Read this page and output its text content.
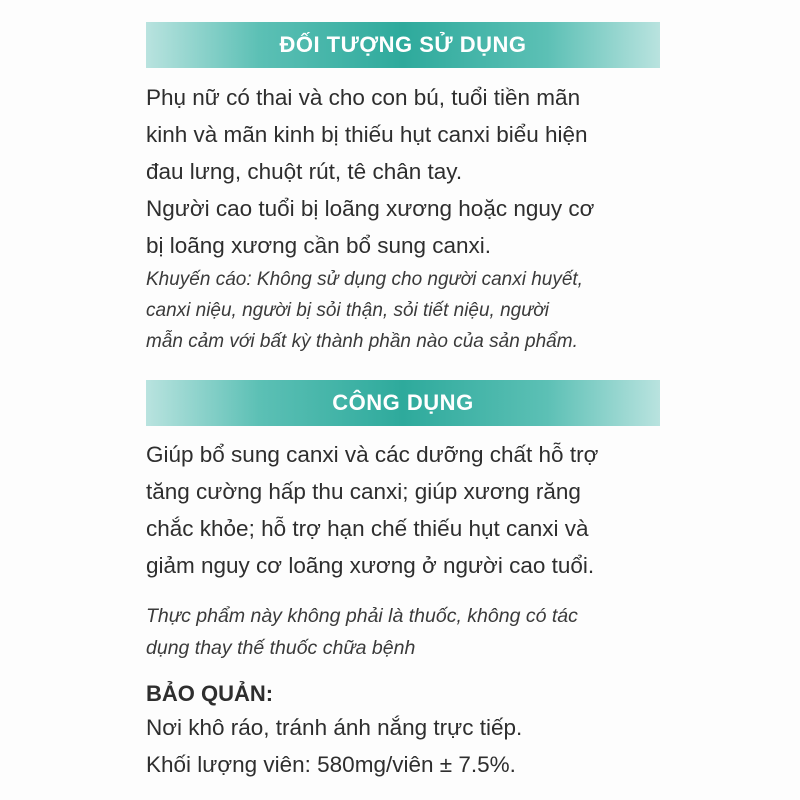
ĐỐI TƯỢNG SỬ DỤNG

Phụ nữ có thai và cho con bú, tuổi tiền mãn
kinh và mãn kinh bị thiếu hụt canxi biểu hiện
đau lưng, chuột rút, tê chân tay.
Người cao tuổi bị loãng xương hoặc nguy cơ
bị loãng xương cần bổ sung canxi.

Khuyến cáo: Không sử dụng cho người canxi huyết,
canxi niệu, người bị sỏi thận, sỏi tiết niệu, người
mẫn cảm với bất kỳ thành phần nào của sản phẩm.

CÔNG DỤNG

Giúp bổ sung canxi và các dưỡng chất hỗ trợ
tăng cường hấp thu canxi; giúp xương răng
chắc khỏe; hỗ trợ hạn chế thiếu hụt canxi và
giảm nguy cơ loãng xương ở người cao tuổi.

Thực phẩm này không phải là thuốc, không có tác
dụng thay thế thuốc chữa bệnh

BẢO QUẢN:

Nơi khô ráo, tránh ánh nắng trực tiếp.
Khối lượng viên: 580mg/viên ± 7.5%.
